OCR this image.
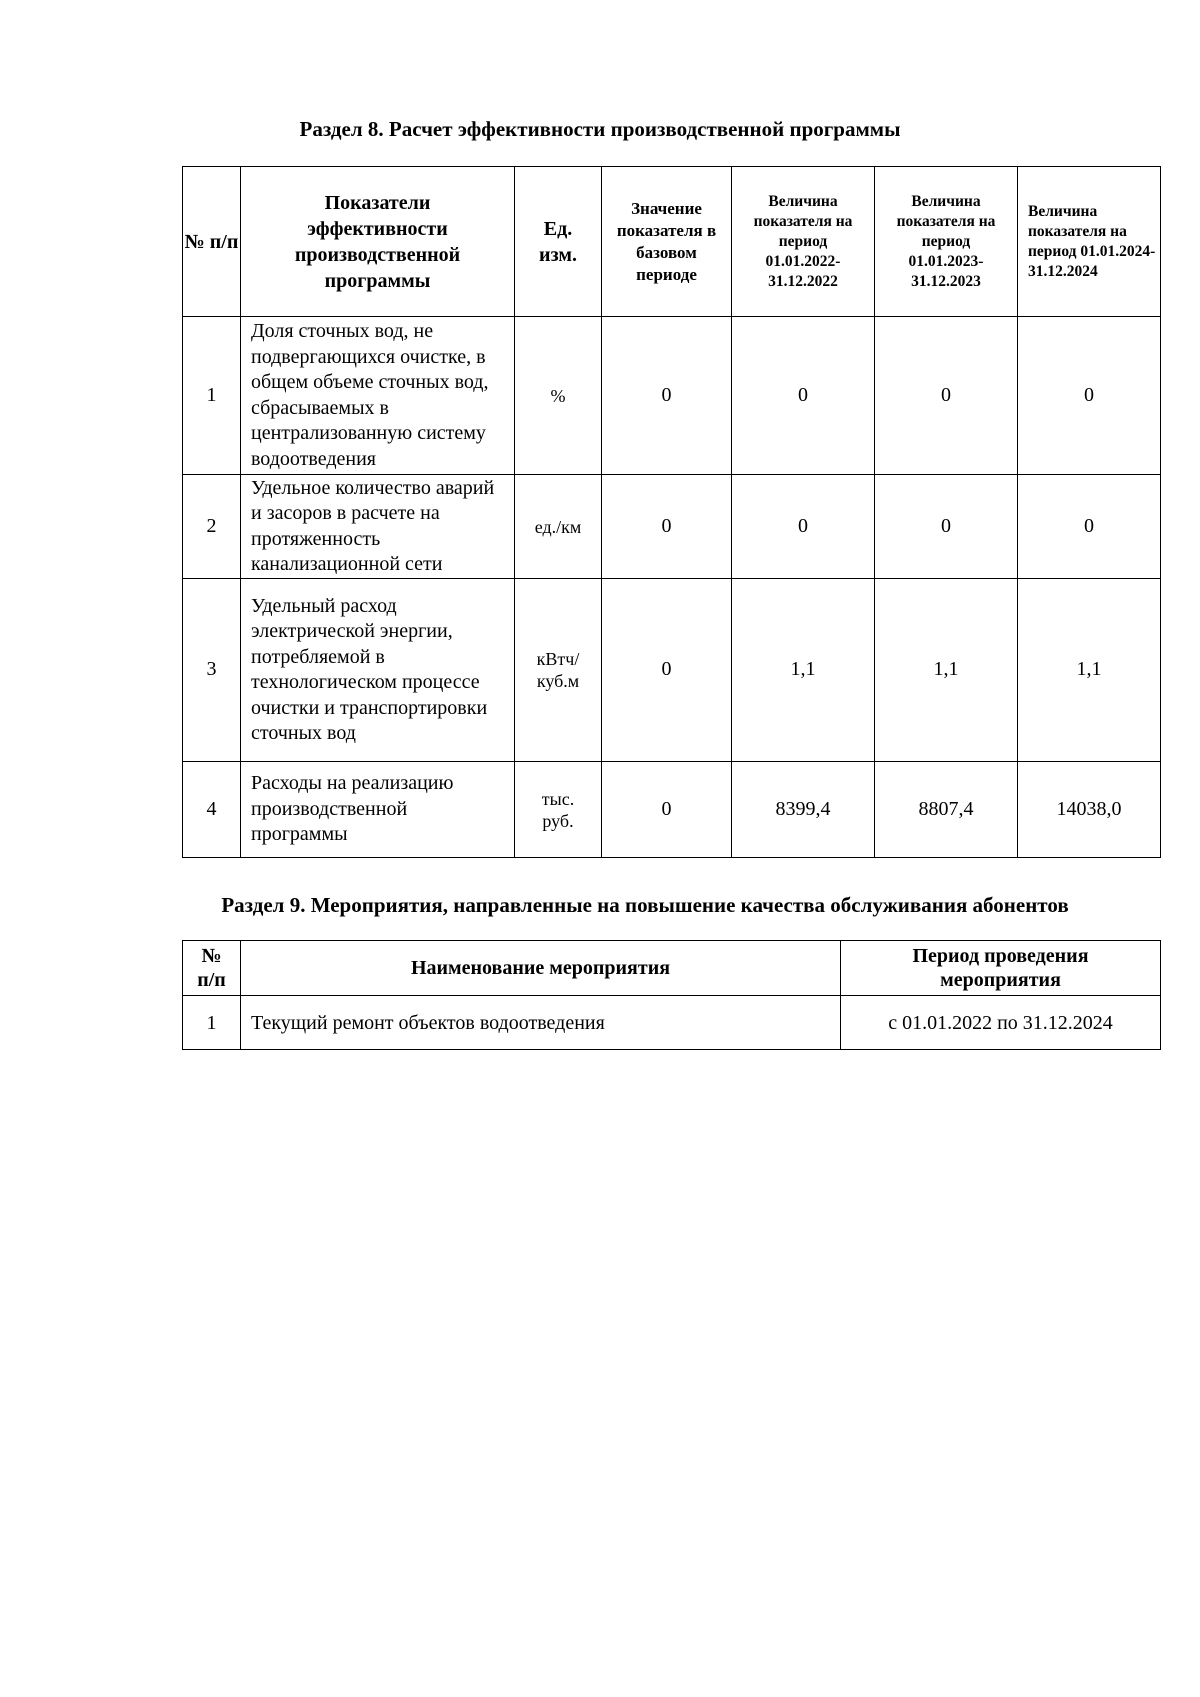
Раздел 8. Расчет эффективности производственной программы
№ п/п	Показатели эффективности производственной программы	Ед. изм.	Значение показателя в базовом периоде	Величина показателя на период 01.01.2022-31.12.2022	Величина показателя на период 01.01.2023-31.12.2023	Величина показателя на период 01.01.2024-31.12.2024
1	Доля сточных вод, не подвергающихся очистке, в общем объеме сточных вод, сбрасываемых в централизованную систему водоотведения	%	0	0	0	0
2	Удельное количество аварий и засоров в расчете на протяженность канализационной сети	ед./км	0	0	0	0
3	Удельный расход электрической энергии, потребляемой в технологическом процессе очистки и транспортировки сточных вод	кВтч/ куб.м	0	1,1	1,1	1,1
4	Расходы на реализацию производственной программы	тыс. руб.	0	8399,4	8807,4	14038,0
Раздел 9. Мероприятия, направленные на повышение качества обслуживания абонентов
№ п/п	Наименование мероприятия	Период проведения мероприятия
1	Текущий ремонт объектов водоотведения	с 01.01.2022 по 31.12.2024
